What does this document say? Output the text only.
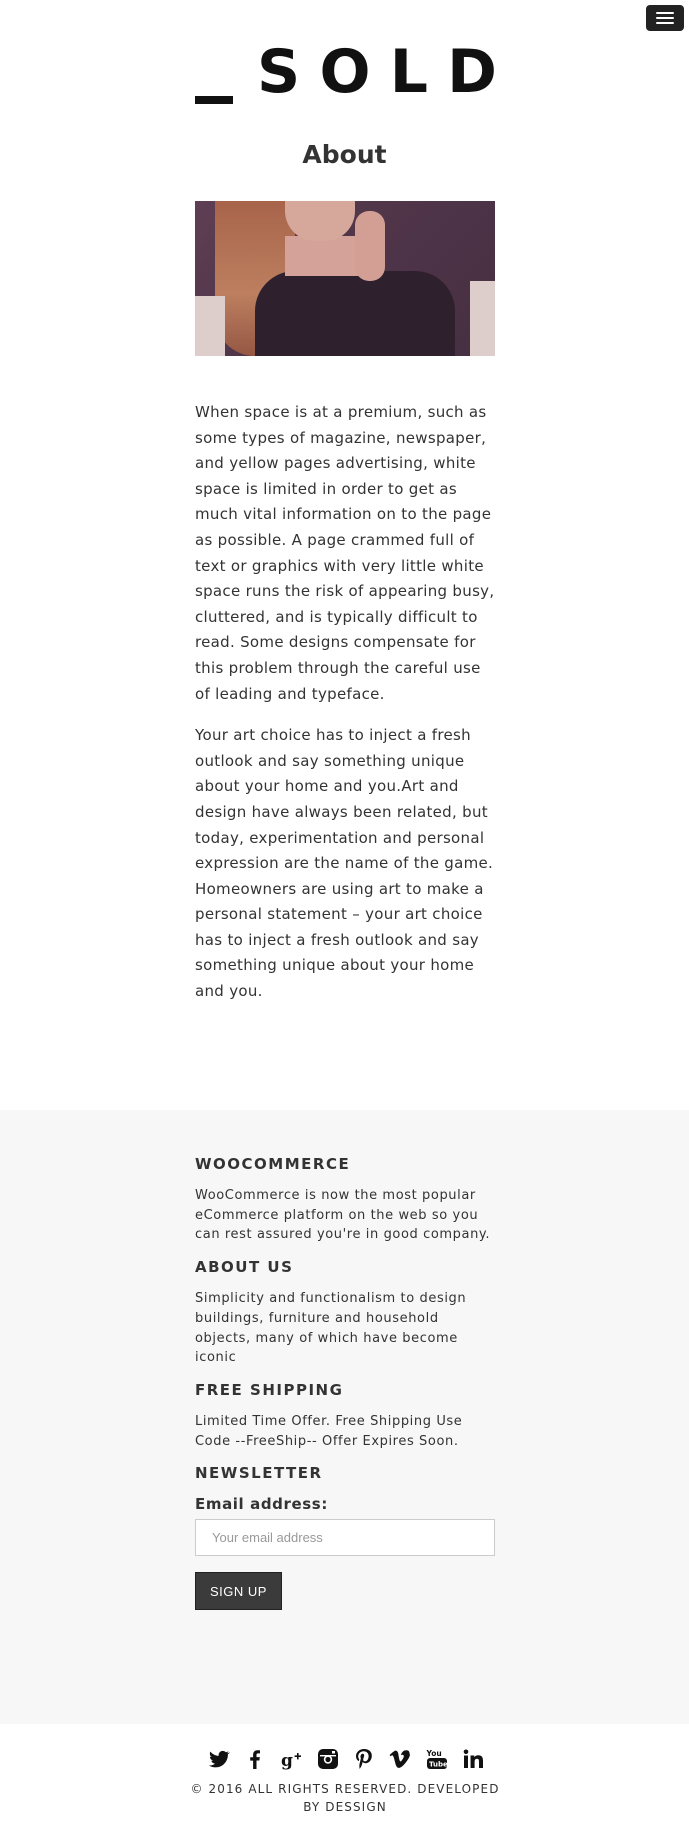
S O L D
About

When space is at a premium, such as some types of magazine, newspaper, and yellow pages advertising, white space is limited in order to get as much vital information on to the page as possible. A page crammed full of text or graphics with very little white space runs the risk of appearing busy, cluttered, and is typically difficult to read. Some designs compensate for this problem through the careful use of leading and typeface.

Your art choice has to inject a fresh outlook and say something unique about your home and you.Art and design have always been related, but today, experimentation and personal expression are the name of the game. Homeowners are using art to make a personal statement – your art choice has to inject a fresh outlook and say something unique about your home and you.

WOOCOMMERCE

WooCommerce is now the most popular eCommerce platform on the web so you can rest assured you're in good company.

ABOUT US

Simplicity and functionalism to design buildings, furniture and household objects, many of which have become iconic

FREE SHIPPING

Limited Time Offer. Free Shipping Use Code --FreeShip-- Offer Expires Soon.

NEWSLETTER
Email address:
Your email address
SIGN UP
g	You
Tube

© 2016 ALL RIGHTS RESERVED. DEVELOPED BY DESSIGN
